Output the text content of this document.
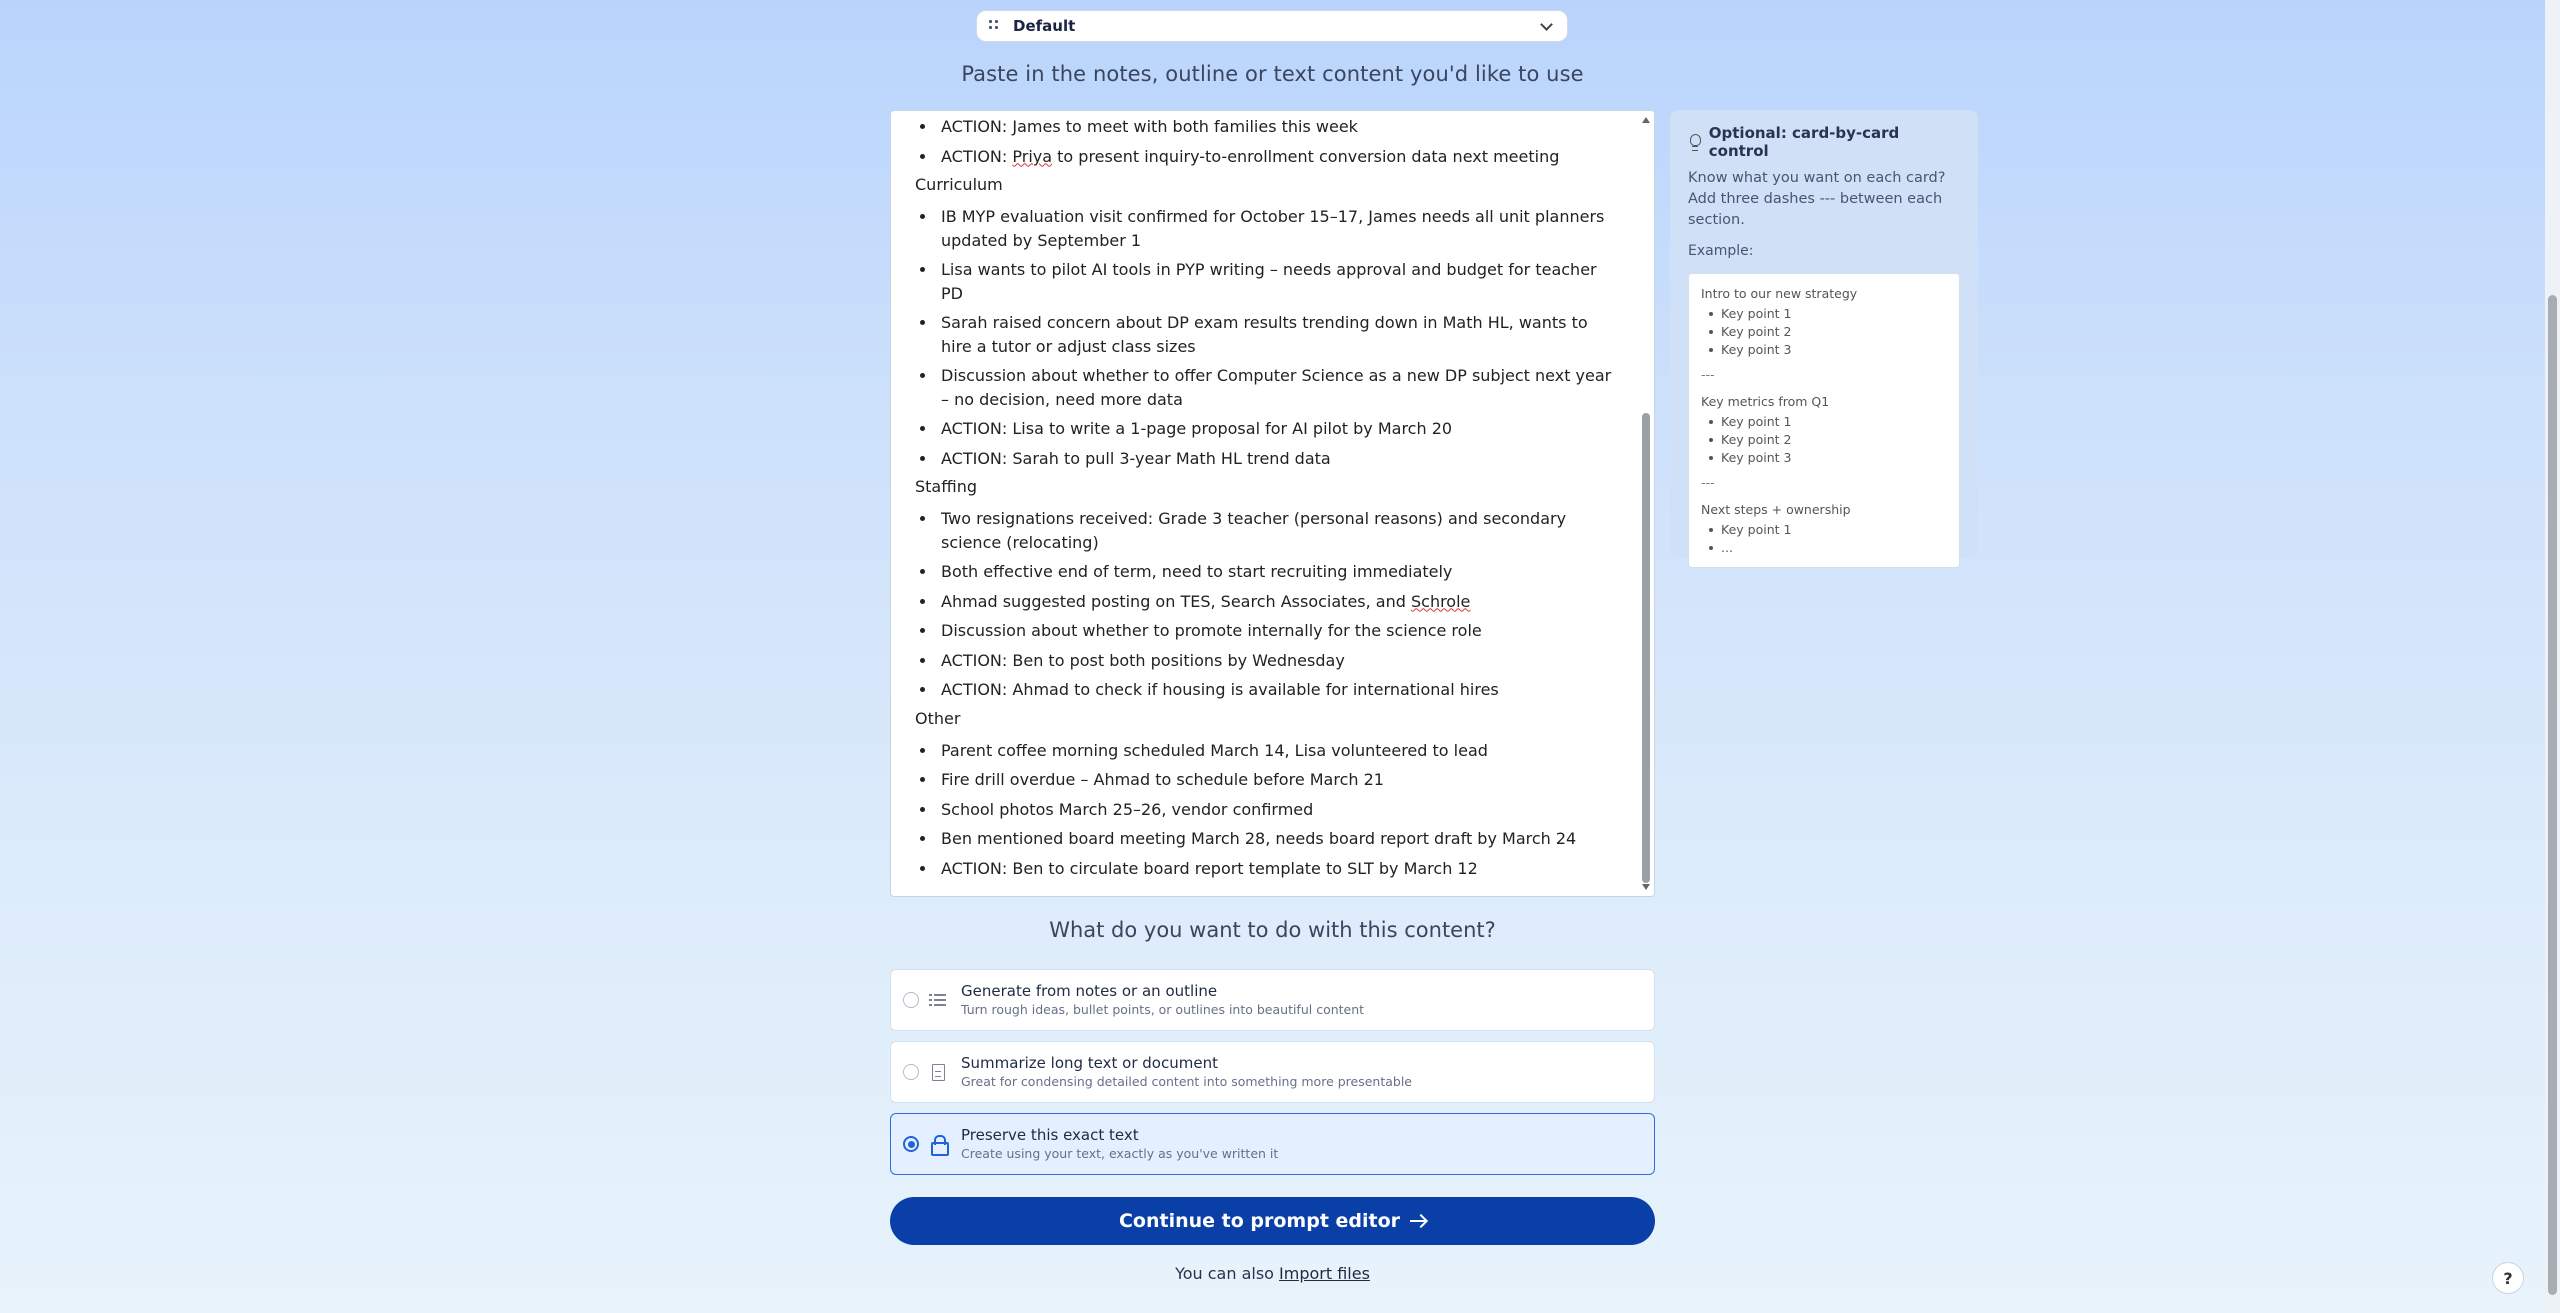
Default
Paste in the notes, outline or text content you'd like to use
ACTION: James to meet with both families this week
ACTION: Priya to present inquiry-to-enrollment conversion data next meeting
Curriculum
IB MYP evaluation visit confirmed for October 15–17, James needs all unit planners updated by September 1
Lisa wants to pilot AI tools in PYP writing – needs approval and budget for teacher PD
Sarah raised concern about DP exam results trending down in Math HL, wants to hire a tutor or adjust class sizes
Discussion about whether to offer Computer Science as a new DP subject next year – no decision, need more data
ACTION: Lisa to write a 1-page proposal for AI pilot by March 20
ACTION: Sarah to pull 3-year Math HL trend data
Staffing
Two resignations received: Grade 3 teacher (personal reasons) and secondary science (relocating)
Both effective end of term, need to start recruiting immediately
Ahmad suggested posting on TES, Search Associates, and Schrole
Discussion about whether to promote internally for the science role
ACTION: Ben to post both positions by Wednesday
ACTION: Ahmad to check if housing is available for international hires
Other
Parent coffee morning scheduled March 14, Lisa volunteered to lead
Fire drill overdue – Ahmad to schedule before March 21
School photos March 25–26, vendor confirmed
Ben mentioned board meeting March 28, needs board report draft by March 24
ACTION: Ben to circulate board report template to SLT by March 12
Optional: card-by-card control
Know what you want on each card? Add three dashes --- between each section.
Example:
Intro to our new strategy
Key point 1
Key point 2
Key point 3
---
Key metrics from Q1
Key point 1
Key point 2
Key point 3
---
Next steps + ownership
Key point 1
...
What do you want to do with this content?
Generate from notes or an outline
Turn rough ideas, bullet points, or outlines into beautiful content
Summarize long text or document
Great for condensing detailed content into something more presentable
Preserve this exact text
Create using your text, exactly as you've written it
Continue to prompt editor
You can also Import files	?
